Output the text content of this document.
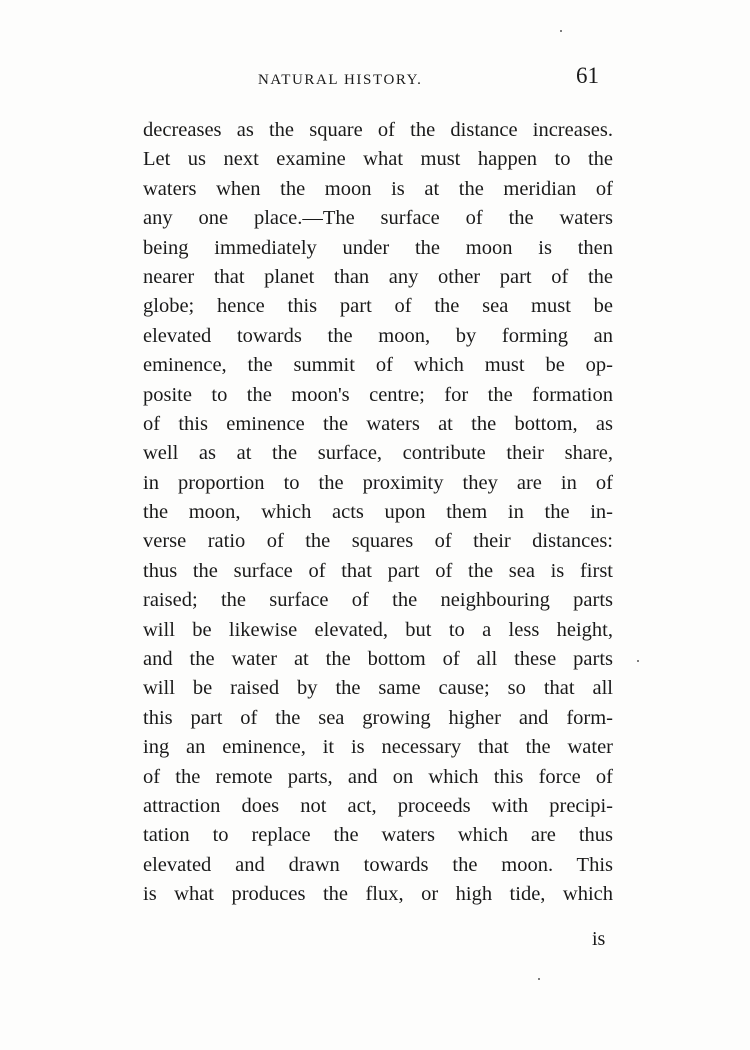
NATURAL HISTORY.	61
decreases as the square of the distance increases.
Let us next examine what must happen to the
waters when the moon is at the meridian of
any one place.—The surface of the waters
being immediately under the moon is then
nearer that planet than any other part of the
globe; hence this part of the sea must be
elevated towards the moon, by forming an
eminence, the summit of which must be op-
posite to the moon's centre; for the formation
of this eminence the waters at the bottom, as
well as at the surface, contribute their share,
in proportion to the proximity they are in of
the moon, which acts upon them in the in-
verse ratio of the squares of their distances:
thus the surface of that part of the sea is first
raised; the surface of the neighbouring parts
will be likewise elevated, but to a less height,
and the water at the bottom of all these parts
will be raised by the same cause; so that all
this part of the sea growing higher and form-
ing an eminence, it is necessary that the water
of the remote parts, and on which this force of
attraction does not act, proceeds with precipi-
tation to replace the waters which are thus
elevated and drawn towards the moon. This
is what produces the flux, or high tide, which
is
